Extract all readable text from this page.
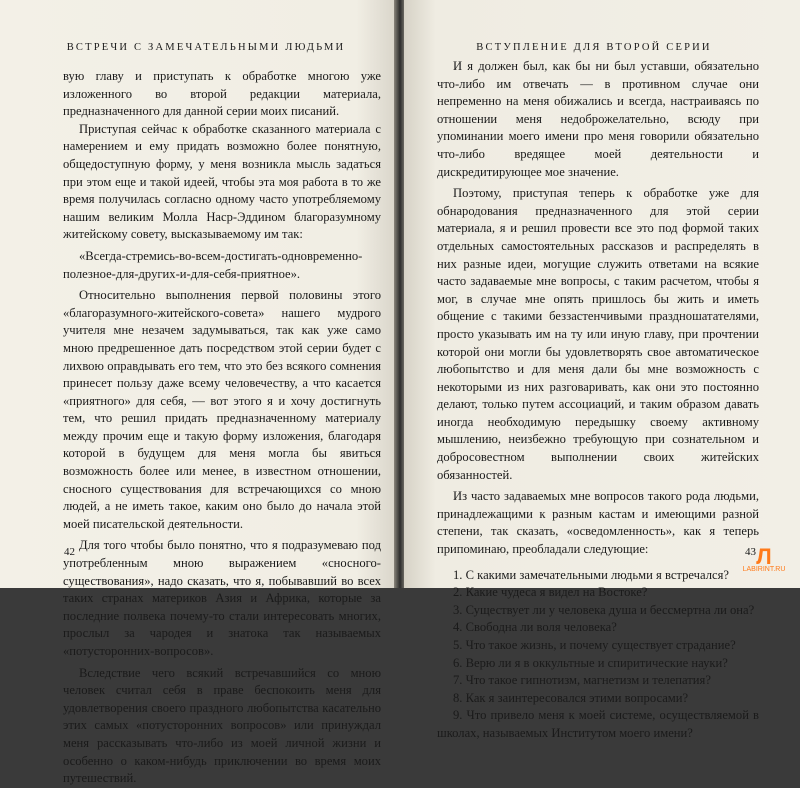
ВСТРЕЧИ С ЗАМЕЧАТЕЛЬНЫМИ ЛЮДЬМИ

вую главу и приступать к обработке многою уже изложенного во второй редакции материала, предназначенного для данной серии моих писаний.

Приступая сейчас к обработке сказанного материала с намерением и ему придать возможно более понятную, общедоступную форму, у меня возникла мысль задаться при этом еще и такой идеей, чтобы эта моя работа в то же время получилась согласно одному часто употребляемому нашим великим Молла Наср-Эддином благоразумному житейскому совету, высказываемому им так:

«Всегда-стремись-во-всем-достигать-одновременно-полезное-для-других-и-для-себя-приятное».

Относительно выполнения первой половины этого «благоразумного-житейского-совета» нашего мудрого учителя мне незачем задумываться, так как уже само мною предрешенное дать посредством этой серии будет с лихвою оправдывать его тем, что это без всякого сомнения принесет пользу даже всему человечеству, а что касается «приятного» для себя, — вот этого я и хочу достигнуть тем, что решил придать предназначенному материалу между прочим еще и такую форму изложения, благодаря которой в будущем для меня могла бы явиться возможность более или менее, в известном отношении, сносного существования для встречающихся со мною людей, а не иметь такое, каким оно было до начала этой моей писательской деятельности.

Для того чтобы было понятно, что я подразумеваю под употребленным мною выражением «сносного-существования», надо сказать, что я, побывавший во всех таких странах материков Азия и Африка, которые за последние полвека почему-то стали интересовать многих, прослыл за чародея и знатока так называемых «потусторонних-вопросов».

Вследствие чего всякий встречавшийся со мною человек считал себя в праве беспокоить меня для удовлетворения своего праздного любопытства касательно этих самых «потусторонних вопросов» или принуждал меня рассказывать что-либо из моей личной жизни и особенно о каком-нибудь приключении во время моих путешествий.

42
ВСТУПЛЕНИЕ ДЛЯ ВТОРОЙ СЕРИИ

И я должен был, как бы ни был уставши, обязательно что-либо им отвечать — в противном случае они непременно на меня обижались и всегда, настраиваясь по отношении меня недоброжелательно, всюду при упоминании моего имени про меня говорили обязательно что-либо вредящее моей деятельности и дискредитирующее мое значение.

Поэтому, приступая теперь к обработке уже для обнародования предназначенного для этой серии материала, я и решил провести все это под формой таких отдельных самостоятельных рассказов и распределять в них разные идеи, могущие служить ответами на всякие часто задаваемые мне вопросы, с таким расчетом, чтобы я мог, в случае мне опять пришлось бы жить и иметь общение с такими беззастенчивыми праздношатателями, просто указывать им на ту или иную главу, при прочтении которой они могли бы удовлетворять свое автоматическое любопытство и для меня дали бы мне возможность с некоторыми из них разговаривать, как они это постоянно делают, только путем ассоциаций, и таким образом давать иногда необходимую передышку своему активному мышлению, неизбежно требующую при сознательном и добросовестном выполнении своих житейских обязанностей.

Из часто задаваемых мне вопросов такого рода людьми, принадлежащими к разным кастам и имеющими разной степени, так сказать, «осведомленность», как я теперь припоминаю, преобладали следующие:

1. С какими замечательными людьми я встречался?
2. Какие чудеса я видел на Востоке?
3. Существует ли у человека душа и бессмертна ли она?
4. Свободна ли воля человека?
5. Что такое жизнь, и почему существует страдание?
6. Верю ли я в оккультные и спиритические науки?
7. Что такое гипнотизм, магнетизм и телепатия?
8. Как я заинтересовался этими вопросами?
9. Что привело меня к моей системе, осуществляемой в школах, называемых Институтом моего имени?
43 Л
LABIRINT.RU
